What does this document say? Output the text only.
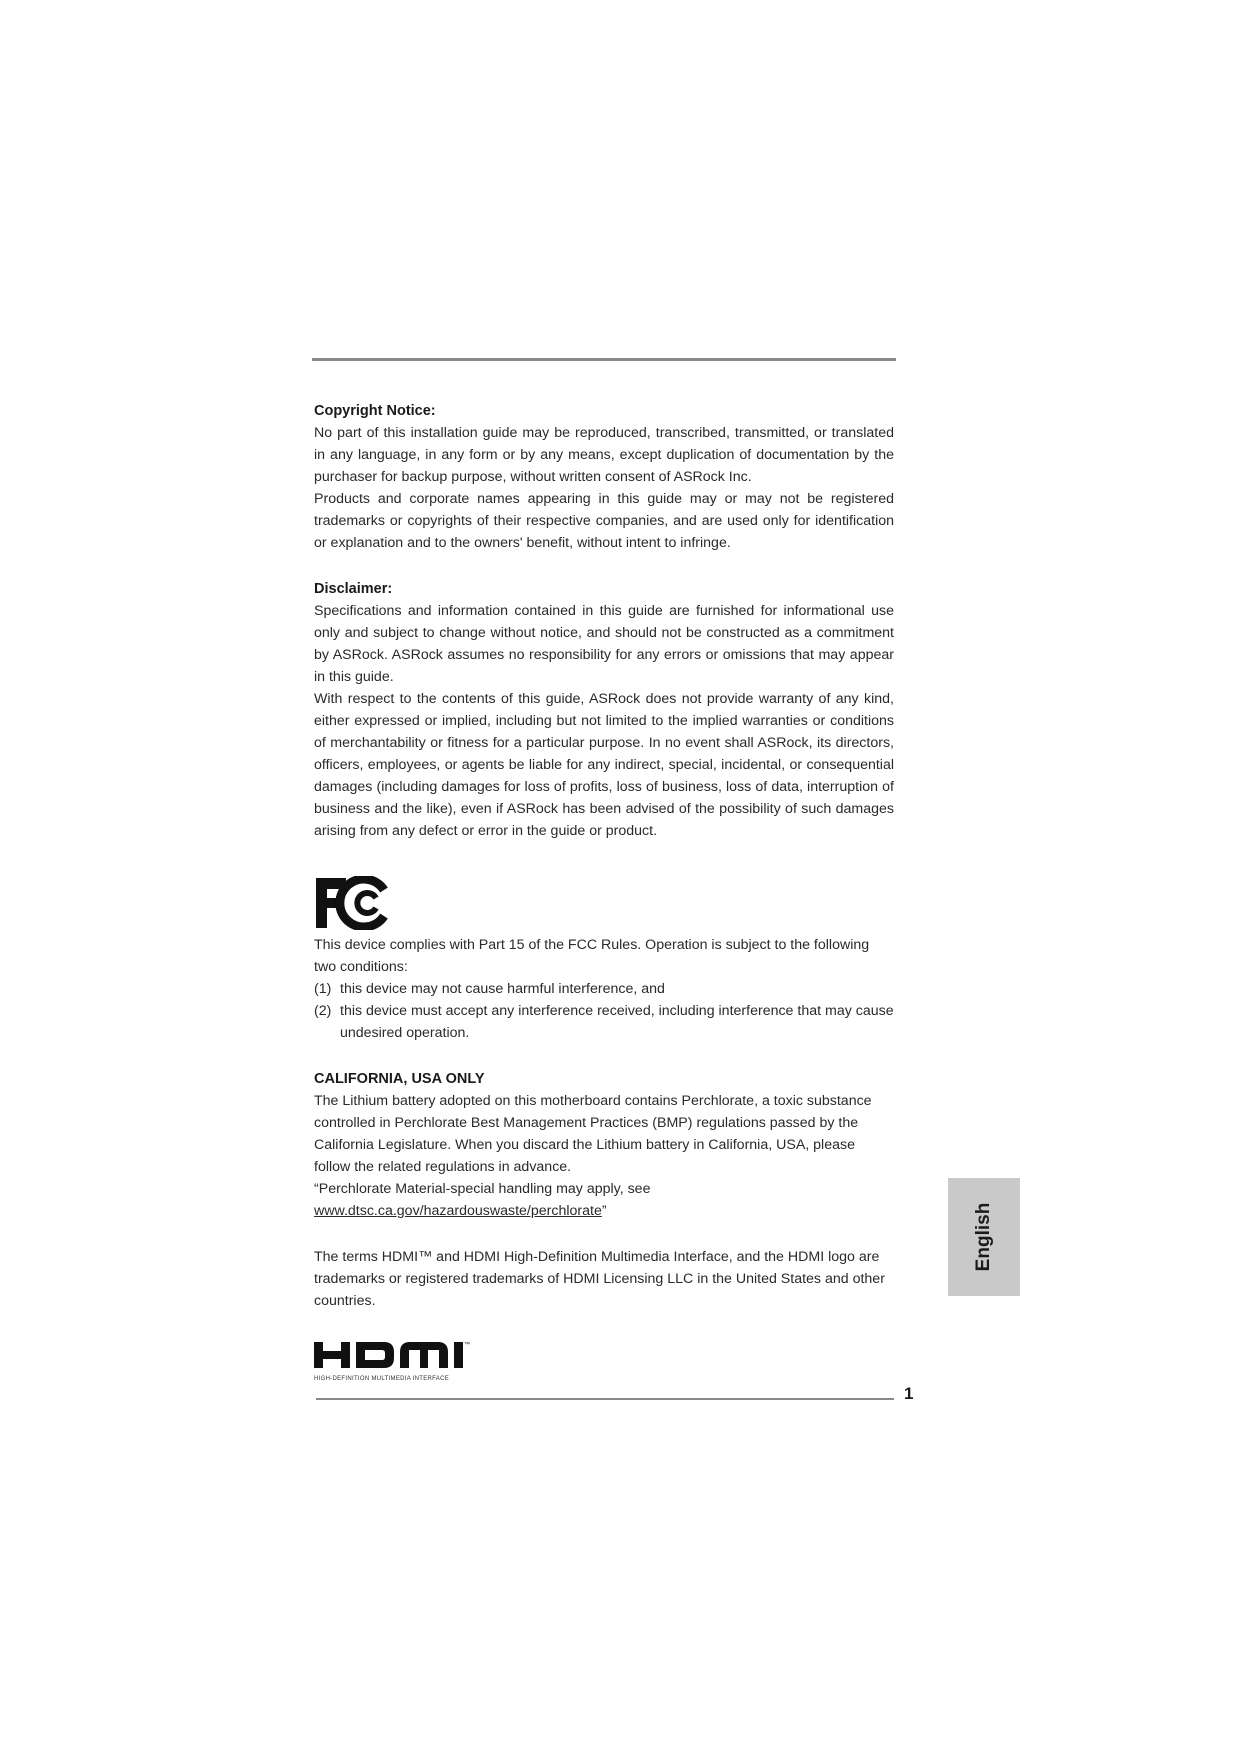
Copyright Notice:

No part of this installation guide may be reproduced, transcribed, transmitted, or translated in any language, in any form or by any means, except duplication of documentation by the purchaser for backup purpose, without written consent of ASRock Inc.

Products and corporate names appearing in this guide may or may not be registered trademarks or copyrights of their respective companies, and are used only for identification or explanation and to the owners' benefit, without intent to infringe.

Disclaimer:

Specifications and information contained in this guide are furnished for informational use only and subject to change without notice, and should not be constructed as a commitment by ASRock. ASRock assumes no responsibility for any errors or omissions that may appear in this guide.

With respect to the contents of this guide, ASRock does not provide warranty of any kind, either expressed or implied, including but not limited to the implied warranties or conditions of merchantability or fitness for a particular purpose. In no event shall ASRock, its directors, officers, employees, or agents be liable for any indirect, special, incidental, or consequential damages (including damages for loss of profits, loss of business, loss of data, interruption of business and the like), even if ASRock has been advised of the possibility of such damages arising from any defect or error in the guide or product.

This device complies with Part 15 of the FCC Rules. Operation is subject to the following two conditions:

(1) this device may not cause harmful interference, and
(2) this device must accept any interference received, including interference that may cause undesired operation.

CALIFORNIA, USA ONLY

The Lithium battery adopted on this motherboard contains Perchlorate, a toxic substance controlled in Perchlorate Best Management Practices (BMP) regulations passed by the California Legislature. When you discard the Lithium battery in California, USA, please follow the related regulations in advance.

“Perchlorate Material-special handling may apply, see

www.dtsc.ca.gov/hazardouswaste/perchlorate”

The terms HDMI™ and HDMI High-Definition Multimedia Interface, and the HDMI logo are trademarks or registered trademarks of HDMI Licensing LLC in the United States and other countries.

™
HIGH-DEFINITION MULTIMEDIA INTERFACE
1
English
